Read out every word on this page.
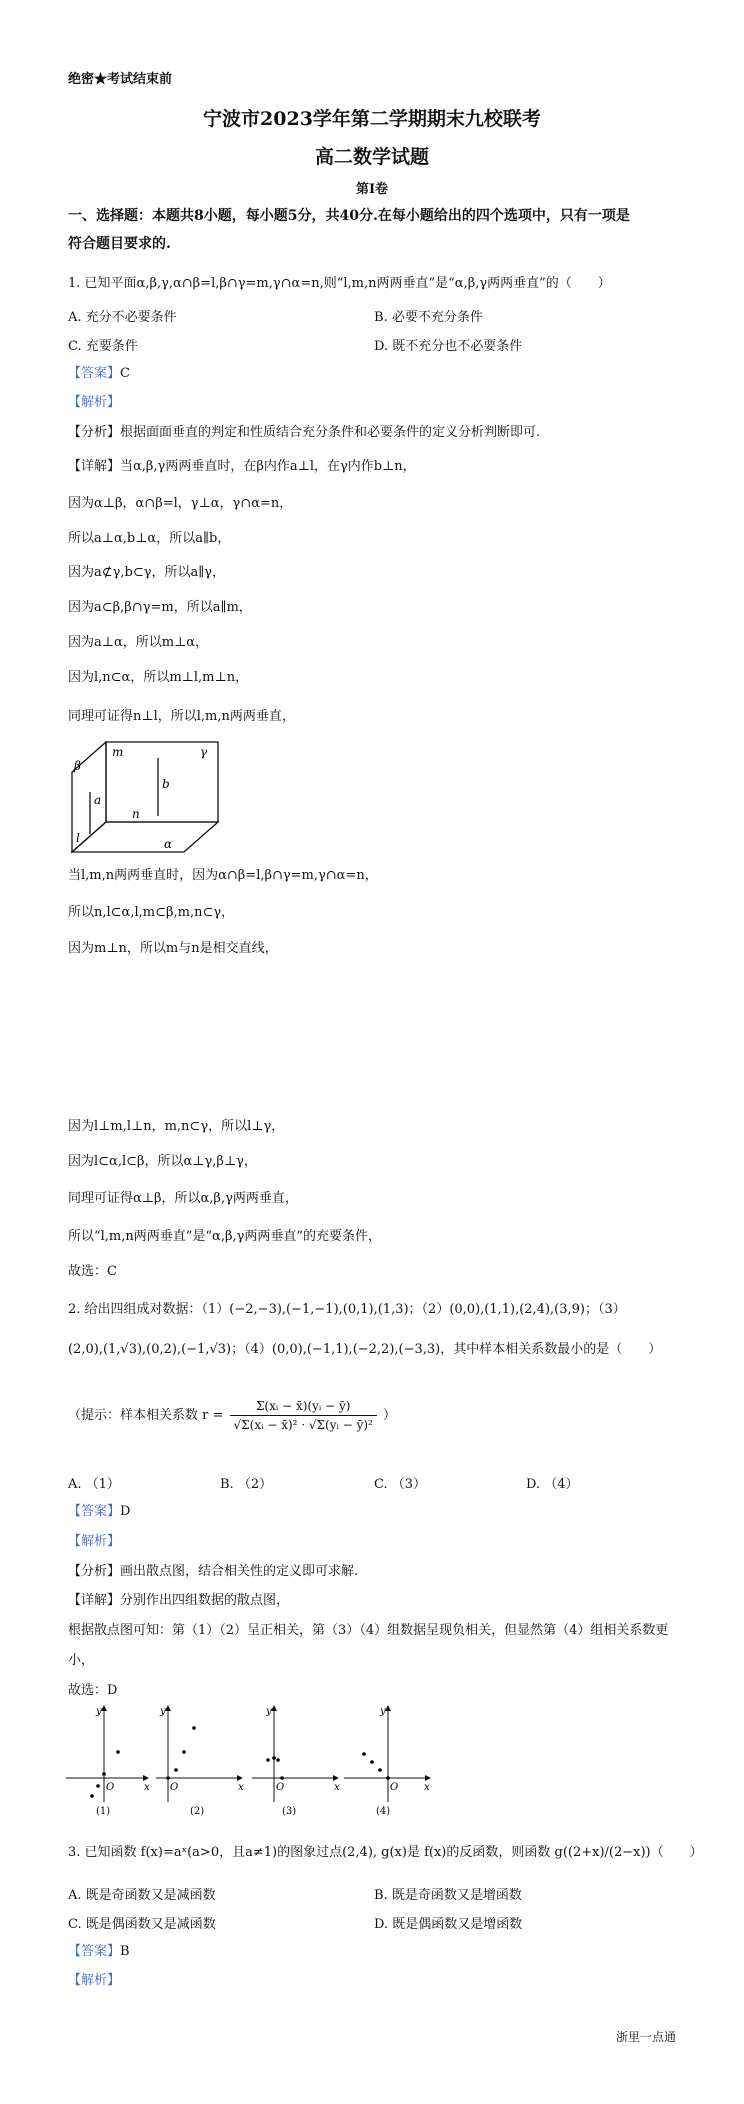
绝密★考试结束前
宁波市2023学年第二学期期末九校联考
高二数学试题
第I卷
一、选择题：本题共8小题，每小题5分，共40分.在每小题给出的四个选项中，只有一项是
符合题目要求的.
1. 已知平面α,β,γ,α∩β=l,β∩γ=m,γ∩α=n,则“l,m,n两两垂直”是“α,β,γ两两垂直”的（　　）
A. 充分不必要条件	B. 必要不充分条件
C. 充要条件	D. 既不充分也不必要条件
【答案】C
【解析】
【分析】根据面面垂直的判定和性质结合充分条件和必要条件的定义分析判断即可.
【详解】当α,β,γ两两垂直时，在β内作a⊥l，在γ内作b⊥n，
因为α⊥β，α∩β=l，γ⊥α，γ∩α=n，
所以a⊥α,b⊥α，所以a∥b，
因为a⊄γ,b⊂γ，所以a∥γ，
因为a⊂β,β∩γ=m，所以a∥m，
因为a⊥α，所以m⊥α，
因为l,n⊂α，所以m⊥l,m⊥n，
同理可证得n⊥l，所以l,m,n两两垂直，
β
m	γ
a
b
n
l	α
当l,m,n两两垂直时，因为α∩β=l,β∩γ=m,γ∩α=n，
所以n,l⊂α,l,m⊂β,m,n⊂γ，
因为m⊥n，所以m与n是相交直线，
因为l⊥m,l⊥n，m,n⊂γ，所以l⊥γ，
因为l⊂α,l⊂β，所以α⊥γ,β⊥γ，
同理可证得α⊥β，所以α,β,γ两两垂直，
所以“l,m,n两两垂直”是“α,β,γ两两垂直”的充要条件，
故选：C
2. 给出四组成对数据：（1）(−2,−3),(−1,−1),(0,1),(1,3)；（2）(0,0),(1,1),(2,4),(3,9)；（3）
(2,0),(1,√3),(0,2),(−1,√3)；（4）(0,0),(−1,1),(−2,2),(−3,3)，其中样本相关系数最小的是（　　）
（提示：样本相关系数 $r = \frac{\text{Σ(xᵢ − x̄)(yᵢ − ȳ)}}{\text{√Σ(xᵢ − x̄)² · √Σ(yᵢ − ȳ)²}}$ ）
A. （1）	B. （2）	C. （3）	D. （4）
【答案】D
【解析】
【分析】画出散点图，结合相关性的定义即可求解.
【详解】分别作出四组数据的散点图，
根据散点图可知：第（1）（2）呈正相关，第（3）（4）组数据呈现负相关，但显然第（4）组相关系数更
小，
故选：D
O	x
y
(1)
O	x
y
(2)
O	x
y
(3)
O	x
y
(4)
3. 已知函数 f(x)=aˣ(a>0，且a≠1)的图象过点(2,4), g(x)是 f(x)的反函数，则函数 g((2+x)/(2−x))（　　）
A. 既是奇函数又是减函数	B. 既是奇函数又是增函数
C. 既是偶函数又是减函数	D. 既是偶函数又是增函数
【答案】B
【解析】
浙里一点通
